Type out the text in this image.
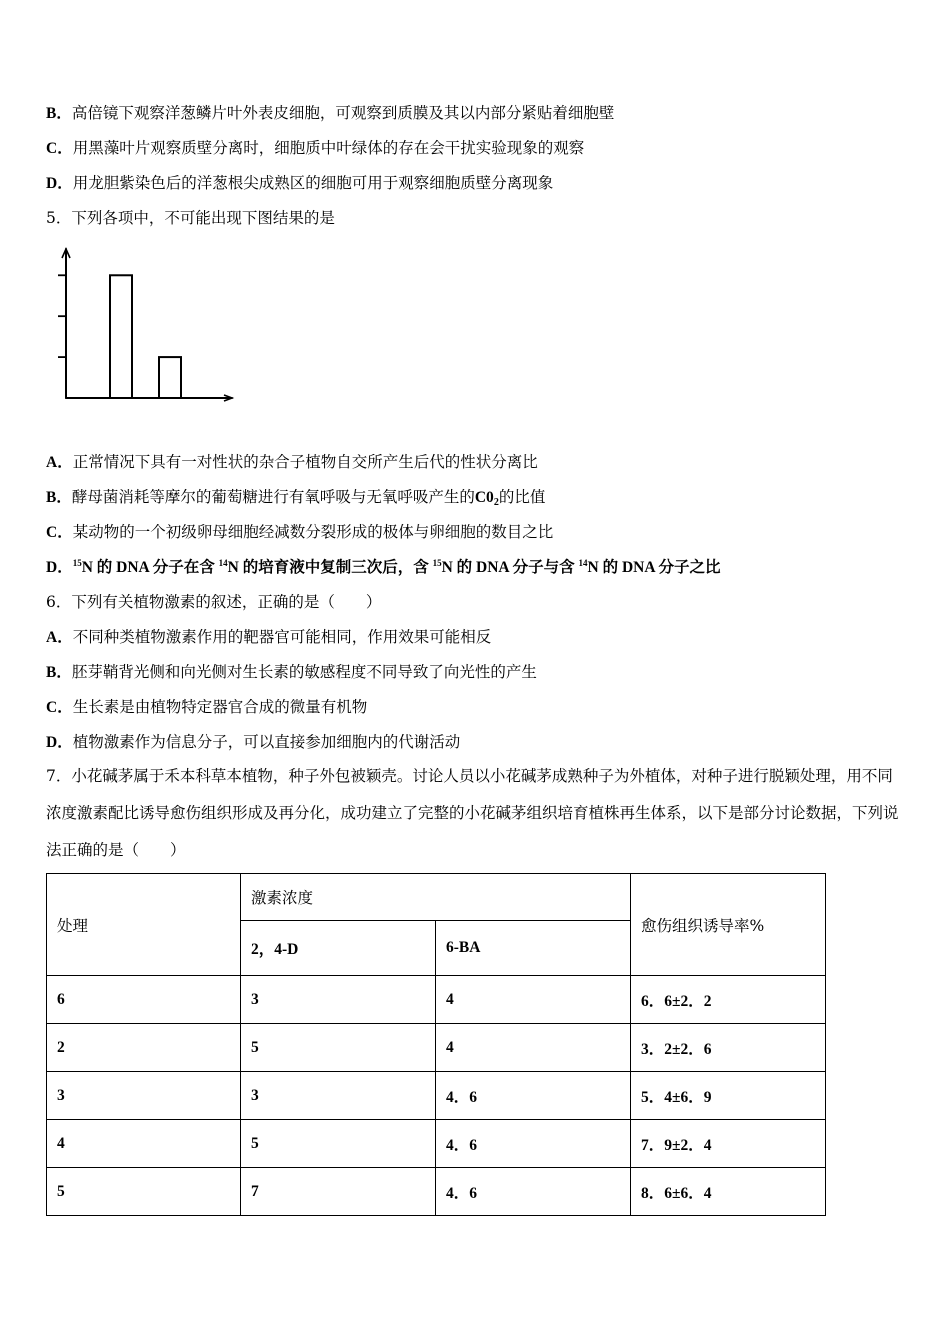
B．高倍镜下观察洋葱鳞片叶外表皮细胞，可观察到质膜及其以内部分紧贴着细胞壁
C．用黑藻叶片观察质壁分离时，细胞质中叶绿体的存在会干扰实验现象的观察
D．用龙胆紫染色后的洋葱根尖成熟区的细胞可用于观察细胞质壁分离现象
5．下列各项中，不可能出现下图结果的是
A．正常情况下具有一对性状的杂合子植物自交所产生后代的性状分离比
B．酵母菌消耗等摩尔的葡萄糖进行有氧呼吸与无氧呼吸产生的$C0_2$的比值
C．某动物的一个初级卵母细胞经减数分裂形成的极体与卵细胞的数目之比
D．$^{15}$N 的 DNA 分子在含 $^{14}$N 的培育液中复制三次后，含 $^{15}$N 的 DNA 分子与含 $^{14}$N 的 DNA 分子之比
6．下列有关植物激素的叙述，正确的是（　　）
A．不同种类植物激素作用的靶器官可能相同，作用效果可能相反
B．胚芽鞘背光侧和向光侧对生长素的敏感程度不同导致了向光性的产生
C．生长素是由植物特定器官合成的微量有机物
D．植物激素作为信息分子，可以直接参加细胞内的代谢活动
7．小花碱茅属于禾本科草本植物，种子外包被颖壳。讨论人员以小花碱茅成熟种子为外植体，对种子进行脱颖处理，用不同浓度激素配比诱导愈伤组织形成及再分化，成功建立了完整的小花碱茅组织培育植株再生体系，以下是部分讨论数据，下列说法正确的是（　　）
处理	激素浓度		愈伤组织诱导率%
	2，4-D	6-BA	
6	3	4	6．6±2．2
2	5	4	3．2±2．6
3	3	4．6	5．4±6．9
4	5	4．6	7．9±2．4
5	7	4．6	8．6±6．4
